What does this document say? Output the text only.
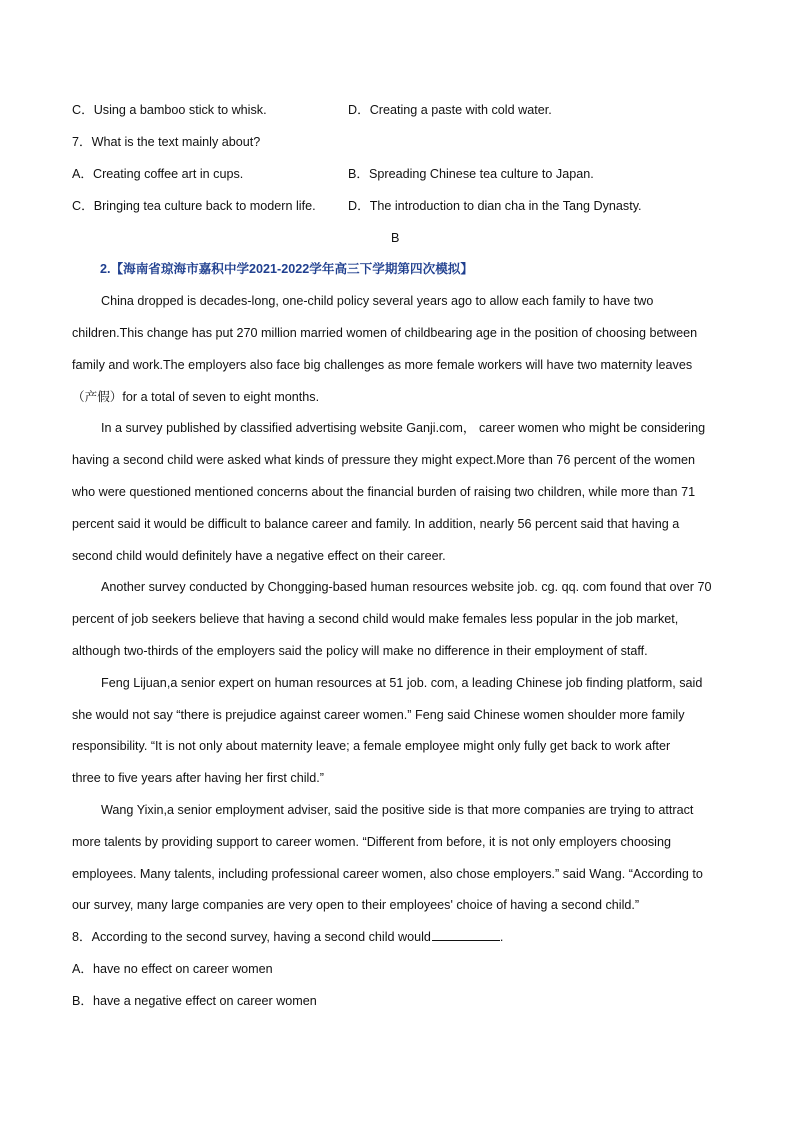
C．Using a bamboo stick to whisk.	D．Creating a paste with cold water.
7．What is the text mainly about?
A．Creating coffee art in cups.	B．Spreading Chinese tea culture to Japan.
C．Bringing tea culture back to modern life.	D．The introduction to dian cha in the Tang Dynasty.
B
2.【海南省琼海市嘉积中学2021-2022学年高三下学期第四次模拟】
China dropped is decades-long, one-child policy several years ago to allow each family to have two
children.This change has put 270 million married women of childbearing age in the position of choosing between
family and work.The employers also face big challenges as more female workers will have two maternity leaves
（产假）for a total of seven to eight months.
In a survey published by classified advertising website Ganji.com， career women who might be considering
having a second child were asked what kinds of pressure they might expect.More than 76 percent of the women
who were questioned mentioned concerns about the financial burden of raising two children, while more than 71
percent said it would be difficult to balance career and family. In addition, nearly 56 percent said that having a
second child would definitely have a negative effect on their career.
Another survey conducted by Chongging-based human resources website job. cg. qq. com found that over 70
percent of job seekers believe that having a second child would make females less popular in the job market,
although two-thirds of the employers said the policy will make no difference in their employment of staff.
Feng Lijuan,a senior expert on human resources at 51 job. com, a leading Chinese job finding platform, said
she would not say “there is prejudice against career women.” Feng said Chinese women shoulder more family
responsibility. “It is not only about maternity leave; a female employee might only fully get back to work after
three to five years after having her first child.”
Wang Yixin,a senior employment adviser, said the positive side is that more companies are trying to attract
more talents by providing support to career women. “Different from before, it is not only employers choosing
employees. Many talents, including professional career women, also chose employers.” said Wang. “According to
our survey, many large companies are very open to their employees' choice of having a second child.”
8．According to the second survey, having a second child would	.
A．have no effect on career women
B．have a negative effect on career women
